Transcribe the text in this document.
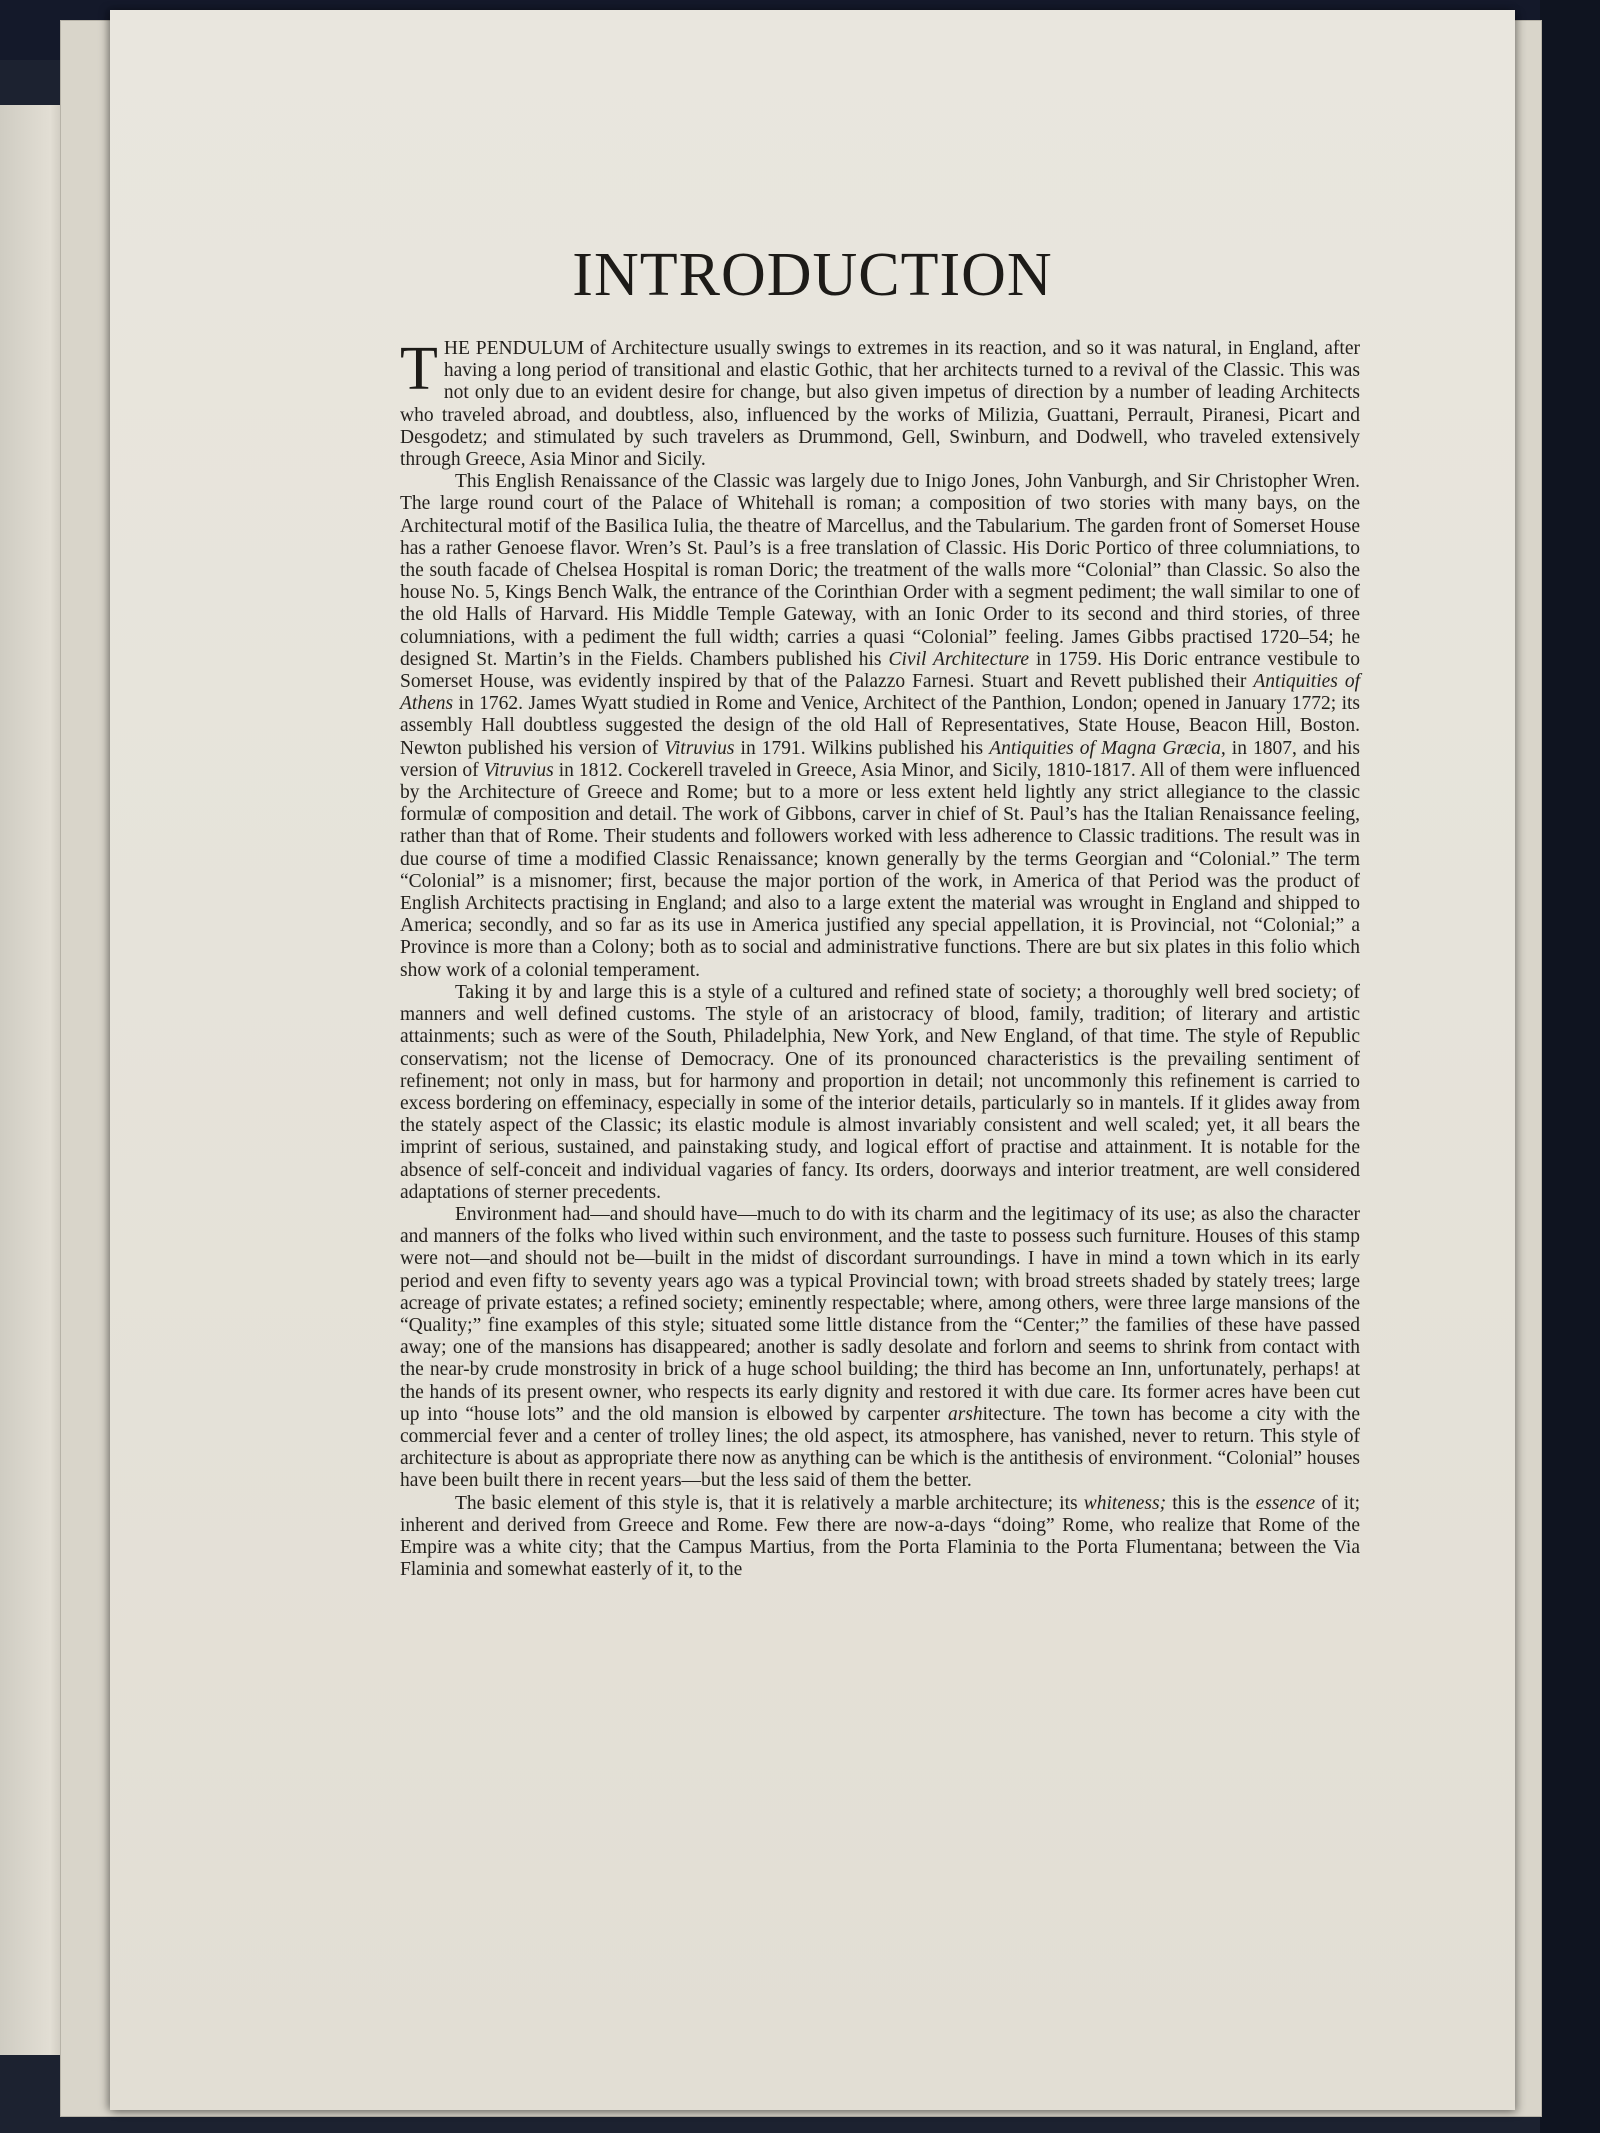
INTRODUCTION

THE PENDULUM of Architecture usually swings to extremes in its reaction, and so it was natural, in England, after having a long period of transitional and elastic Gothic, that her architects turned to a revival of the Classic. This was not only due to an evident desire for change, but also given impetus of direction by a number of leading Architects who traveled abroad, and doubtless, also, influenced by the works of Milizia, Guattani, Perrault, Piranesi, Picart and Desgodetz; and stimulated by such travelers as Drummond, Gell, Swinburn, and Dodwell, who traveled extensively through Greece, Asia Minor and Sicily.

This English Renaissance of the Classic was largely due to Inigo Jones, John Vanburgh, and Sir Christopher Wren. The large round court of the Palace of Whitehall is roman; a composition of two stories with many bays, on the Architectural motif of the Basilica Iulia, the theatre of Marcellus, and the Tabularium. The garden front of Somerset House has a rather Genoese flavor. Wren’s St. Paul’s is a free translation of Classic. His Doric Portico of three columniations, to the south facade of Chelsea Hospital is roman Doric; the treatment of the walls more “Colonial” than Classic. So also the house No. 5, Kings Bench Walk, the entrance of the Corinthian Order with a segment pediment; the wall similar to one of the old Halls of Harvard. His Middle Temple Gateway, with an Ionic Order to its second and third stories, of three columniations, with a pediment the full width; carries a quasi “Colonial” feeling. James Gibbs practised 1720–54; he designed St. Martin’s in the Fields. Chambers published his Civil Architecture in 1759. His Doric entrance vestibule to Somerset House, was evidently inspired by that of the Palazzo Farnesi. Stuart and Revett published their Antiquities of Athens in 1762. James Wyatt studied in Rome and Venice, Architect of the Panthion, London; opened in January 1772; its assembly Hall doubtless suggested the design of the old Hall of Representatives, State House, Beacon Hill, Boston. Newton published his version of Vitruvius in 1791. Wilkins published his Antiquities of Magna Græcia, in 1807, and his version of Vitruvius in 1812. Cockerell traveled in Greece, Asia Minor, and Sicily, 1810-1817. All of them were influenced by the Architecture of Greece and Rome; but to a more or less extent held lightly any strict allegiance to the classic formulæ of composition and detail. The work of Gibbons, carver in chief of St. Paul’s has the Italian Renaissance feeling, rather than that of Rome. Their students and followers worked with less adherence to Classic traditions. The result was in due course of time a modified Classic Renaissance; known generally by the terms Georgian and “Colonial.” The term “Colonial” is a misnomer; first, because the major portion of the work, in America of that Period was the product of English Architects practising in England; and also to a large extent the material was wrought in England and shipped to America; secondly, and so far as its use in America justified any special appellation, it is Provincial, not “Colonial;” a Province is more than a Colony; both as to social and administrative functions. There are but six plates in this folio which show work of a colonial temperament.

Taking it by and large this is a style of a cultured and refined state of society; a thoroughly well bred society; of manners and well defined customs. The style of an aristocracy of blood, family, tradition; of literary and artistic attainments; such as were of the South, Philadelphia, New York, and New England, of that time. The style of Republic conservatism; not the license of Democracy. One of its pronounced characteristics is the prevailing sentiment of refinement; not only in mass, but for harmony and proportion in detail; not uncommonly this refinement is carried to excess bordering on effeminacy, especially in some of the interior details, particularly so in mantels. If it glides away from the stately aspect of the Classic; its elastic module is almost invariably consistent and well scaled; yet, it all bears the imprint of serious, sustained, and painstaking study, and logical effort of practise and attainment. It is notable for the absence of self-conceit and individual vagaries of fancy. Its orders, doorways and interior treatment, are well considered adaptations of sterner precedents.

Environment had—and should have—much to do with its charm and the legitimacy of its use; as also the character and manners of the folks who lived within such environment, and the taste to possess such furniture. Houses of this stamp were not—and should not be—built in the midst of discordant surroundings. I have in mind a town which in its early period and even fifty to seventy years ago was a typical Provincial town; with broad streets shaded by stately trees; large acreage of private estates; a refined society; eminently respectable; where, among others, were three large mansions of the “Quality;” fine examples of this style; situated some little distance from the “Center;” the families of these have passed away; one of the mansions has disappeared; another is sadly desolate and forlorn and seems to shrink from contact with the near-by crude monstrosity in brick of a huge school building; the third has become an Inn, unfortunately, perhaps! at the hands of its present owner, who respects its early dignity and restored it with due care. Its former acres have been cut up into “house lots” and the old mansion is elbowed by carpenter arshitecture. The town has become a city with the commercial fever and a center of trolley lines; the old aspect, its atmosphere, has vanished, never to return. This style of architecture is about as appropriate there now as anything can be which is the antithesis of environment. “Colonial” houses have been built there in recent years—but the less said of them the better.

The basic element of this style is, that it is relatively a marble architecture; its whiteness; this is the essence of it; inherent and derived from Greece and Rome. Few there are now-a-days “doing” Rome, who realize that Rome of the Empire was a white city; that the Campus Martius, from the Porta Flaminia to the Porta Flumentana; between the Via Flaminia and somewhat easterly of it, to the
